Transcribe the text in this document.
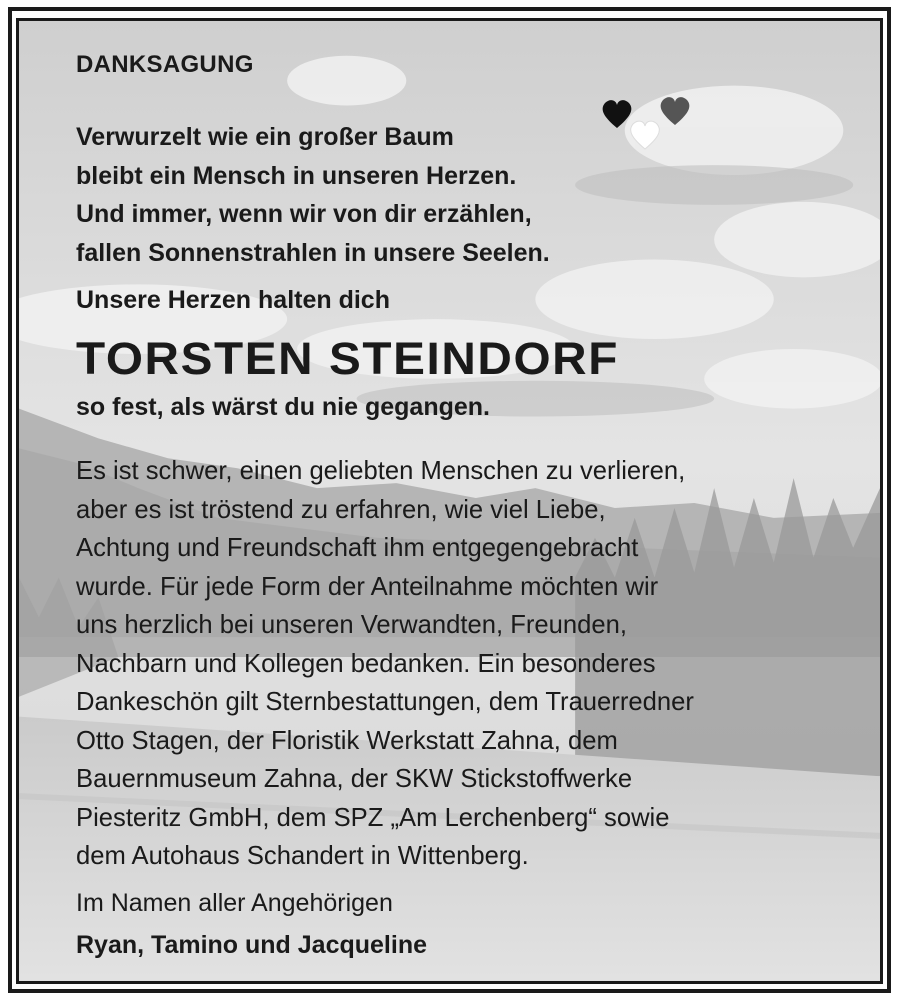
DANKSAGUNG
Verwurzelt wie ein großer Baum
bleibt ein Mensch in unseren Herzen.
Und immer, wenn wir von dir erzählen,
fallen Sonnenstrahlen in unsere Seelen.
Unsere Herzen halten dich
TORSTEN STEINDORF
so fest, als wärst du nie gegangen.
Es ist schwer, einen geliebten Menschen zu verlieren,
aber es ist tröstend zu erfahren, wie viel Liebe,
Achtung und Freundschaft ihm entgegengebracht
wurde. Für jede Form der Anteilnahme möchten wir
uns herzlich bei unseren Verwandten, Freunden,
Nachbarn und Kollegen bedanken. Ein besonderes
Dankeschön gilt Sternbestattungen, dem Trauerredner
Otto Stagen, der Floristik Werkstatt Zahna, dem
Bauernmuseum Zahna, der SKW Stickstoffwerke
Piesteritz GmbH, dem SPZ „Am Lerchenberg“ sowie
dem Autohaus Schandert in Wittenberg.
Im Namen aller Angehörigen
Ryan, Tamino und Jacqueline
